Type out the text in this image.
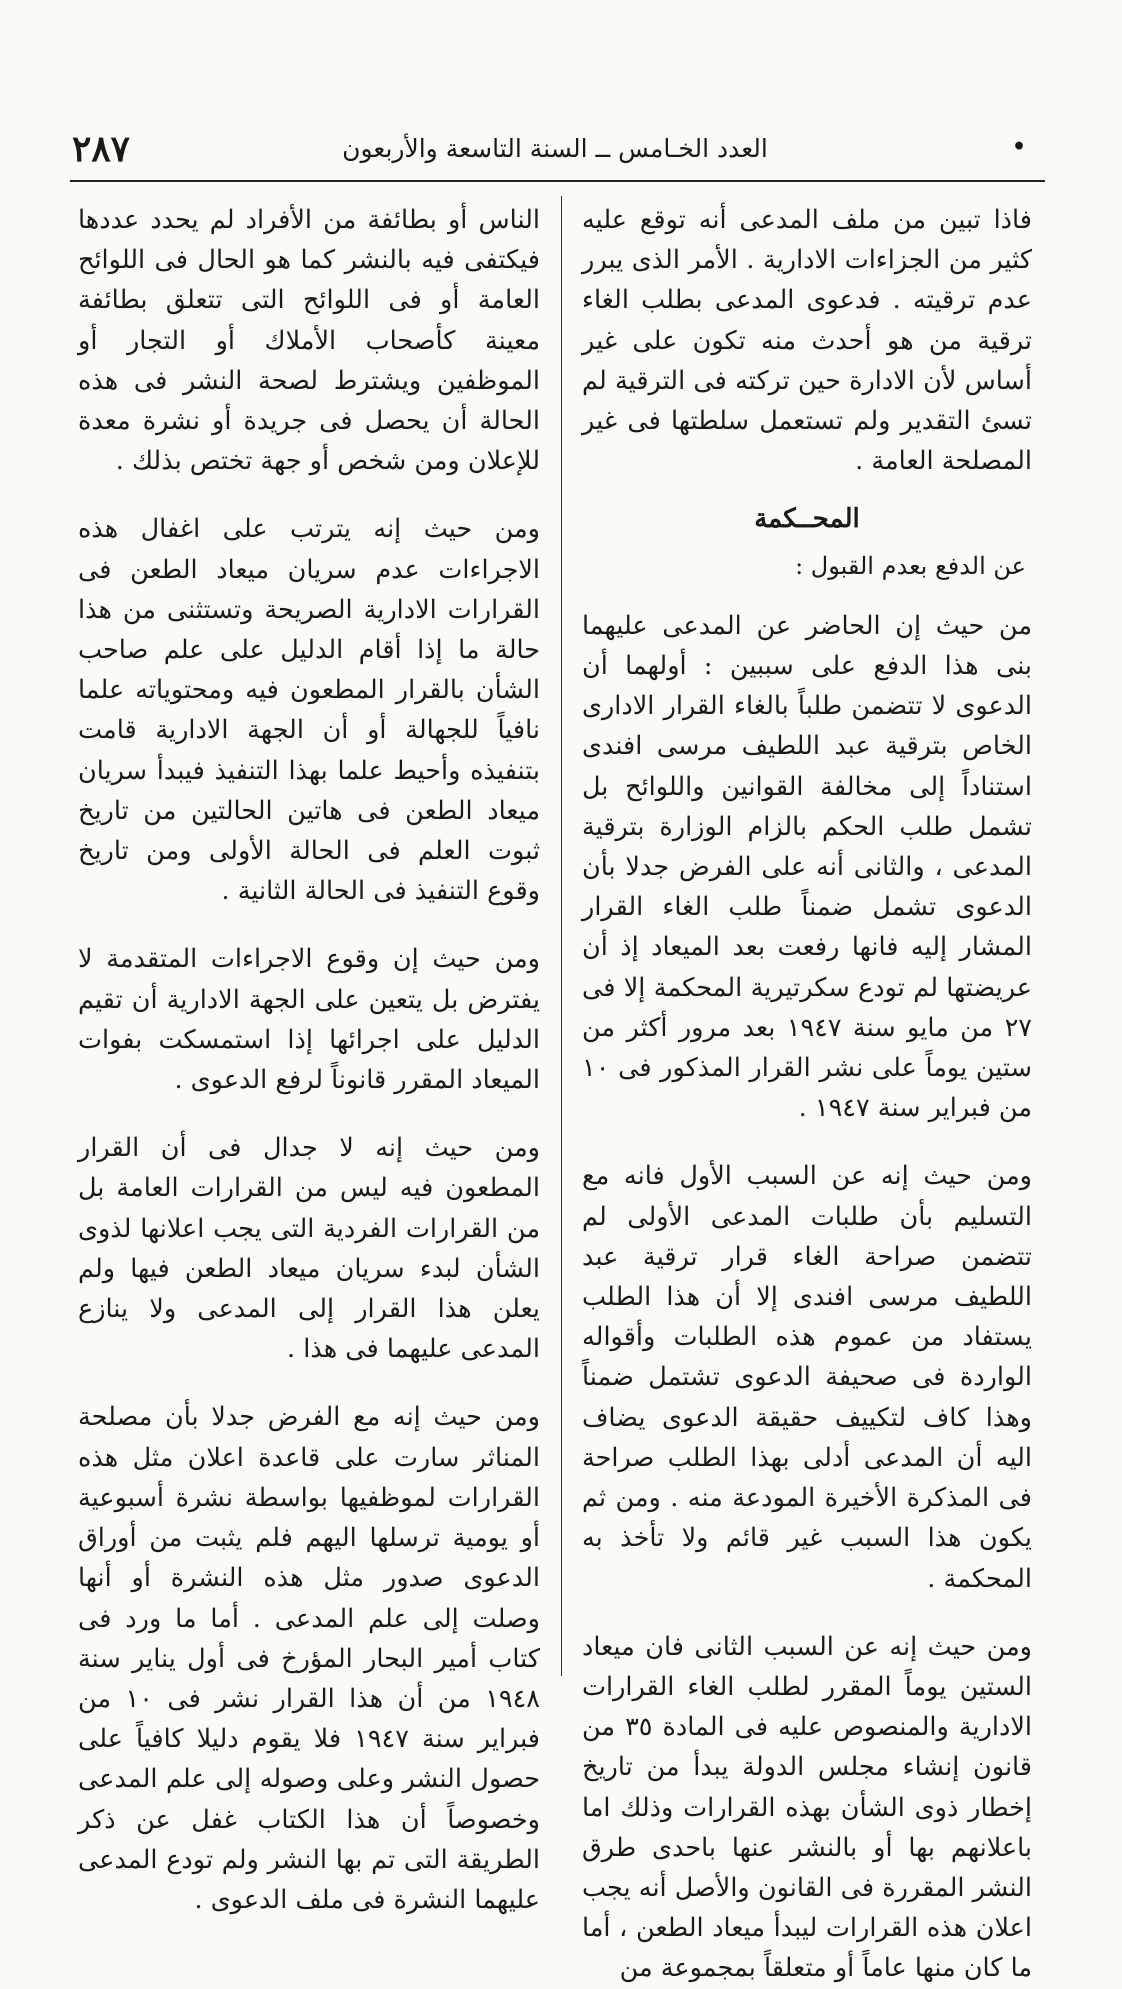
•
العدد الخـامس ــ السنة التاسعة والأربعون
٢٨٧

فاذا تبين من ملف المدعى أنه توقع عليه كثير من الجزاءات الادارية . الأمر الذى يبرر عدم ترقيته . فدعوى المدعى بطلب الغاء ترقية من هو أحدث منه تكون على غير أساس لأن الادارة حين تركته فى الترقية لم تسئ التقدير ولم تستعمل سلطتها فى غير المصلحة العامة .

المحــكمة

عن الدفع بعدم القبول :

من حيث إن الحاضر عن المدعى عليهما بنى هذا الدفع على سببين : أولهما أن الدعوى لا تتضمن طلباً بالغاء القرار الادارى الخاص بترقية عبد اللطيف مرسى افندى استناداً إلى مخالفة القوانين واللوائح بل تشمل طلب الحكم بالزام الوزارة بترقية المدعى ، والثانى أنه على الفرض جدلا بأن الدعوى تشمل ضمناً طلب الغاء القرار المشار إليه فانها رفعت بعد الميعاد إذ أن عريضتها لم تودع سكرتيرية المحكمة إلا فى ٢٧ من مايو سنة ١٩٤٧ بعد مرور أكثر من ستين يوماً على نشر القرار المذكور فى ١٠ من فبراير سنة ١٩٤٧ .

ومن حيث إنه عن السبب الأول فانه مع التسليم بأن طلبات المدعى الأولى لم تتضمن صراحة الغاء قرار ترقية عبد اللطيف مرسى افندى إلا أن هذا الطلب يستفاد من عموم هذه الطلبات وأقواله الواردة فى صحيفة الدعوى تشتمل ضمناً وهذا كاف لتكييف حقيقة الدعوى يضاف اليه أن المدعى أدلى بهذا الطلب صراحة فى المذكرة الأخيرة المودعة منه . ومن ثم يكون هذا السبب غير قائم ولا تأخذ به المحكمة .

ومن حيث إنه عن السبب الثانى فان ميعاد الستين يوماً المقرر لطلب الغاء القرارات الادارية والمنصوص عليه فى المادة ٣٥ من قانون إنشاء مجلس الدولة يبدأ من تاريخ إخطار ذوى الشأن بهذه القرارات وذلك اما باعلانهم بها أو بالنشر عنها باحدى طرق النشر المقررة فى القانون والأصل أنه يجب اعلان هذه القرارات ليبدأ ميعاد الطعن ، أما ما كان منها عاماً أو متعلقاً بمجموعة من

الناس أو بطائفة من الأفراد لم يحدد عددها فيكتفى فيه بالنشر كما هو الحال فى اللوائح العامة أو فى اللوائح التى تتعلق بطائفة معينة كأصحاب الأملاك أو التجار أو الموظفين ويشترط لصحة النشر فى هذه الحالة أن يحصل فى جريدة أو نشرة معدة للإعلان ومن شخص أو جهة تختص بذلك .

ومن حيث إنه يترتب على اغفال هذه الاجراءات عدم سريان ميعاد الطعن فى القرارات الادارية الصريحة وتستثنى من هذا حالة ما إذا أقام الدليل على علم صاحب الشأن بالقرار المطعون فيه ومحتوياته علما نافياً للجهالة أو أن الجهة الادارية قامت بتنفيذه وأحيط علما بهذا التنفيذ فيبدأ سريان ميعاد الطعن فى هاتين الحالتين من تاريخ ثبوت العلم فى الحالة الأولى ومن تاريخ وقوع التنفيذ فى الحالة الثانية .

ومن حيث إن وقوع الاجراءات المتقدمة لا يفترض بل يتعين على الجهة الادارية أن تقيم الدليل على اجرائها إذا استمسكت بفوات الميعاد المقرر قانوناً لرفع الدعوى .

ومن حيث إنه لا جدال فى أن القرار المطعون فيه ليس من القرارات العامة بل من القرارات الفردية التى يجب اعلانها لذوى الشأن لبدء سريان ميعاد الطعن فيها ولم يعلن هذا القرار إلى المدعى ولا ينازع المدعى عليهما فى هذا .

ومن حيث إنه مع الفرض جدلا بأن مصلحة المناثر سارت على قاعدة اعلان مثل هذه القرارات لموظفيها بواسطة نشرة أسبوعية أو يومية ترسلها اليهم فلم يثبت من أوراق الدعوى صدور مثل هذه النشرة أو أنها وصلت إلى علم المدعى . أما ما ورد فى كتاب أمير البحار المؤرخ فى أول يناير سنة ١٩٤٨ من أن هذا القرار نشر فى ١٠ من فبراير سنة ١٩٤٧ فلا يقوم دليلا كافياً على حصول النشر وعلى وصوله إلى علم المدعى وخصوصاً أن هذا الكتاب غفل عن ذكر الطريقة التى تم بها النشر ولم تودع المدعى عليهما النشرة فى ملف الدعوى .
